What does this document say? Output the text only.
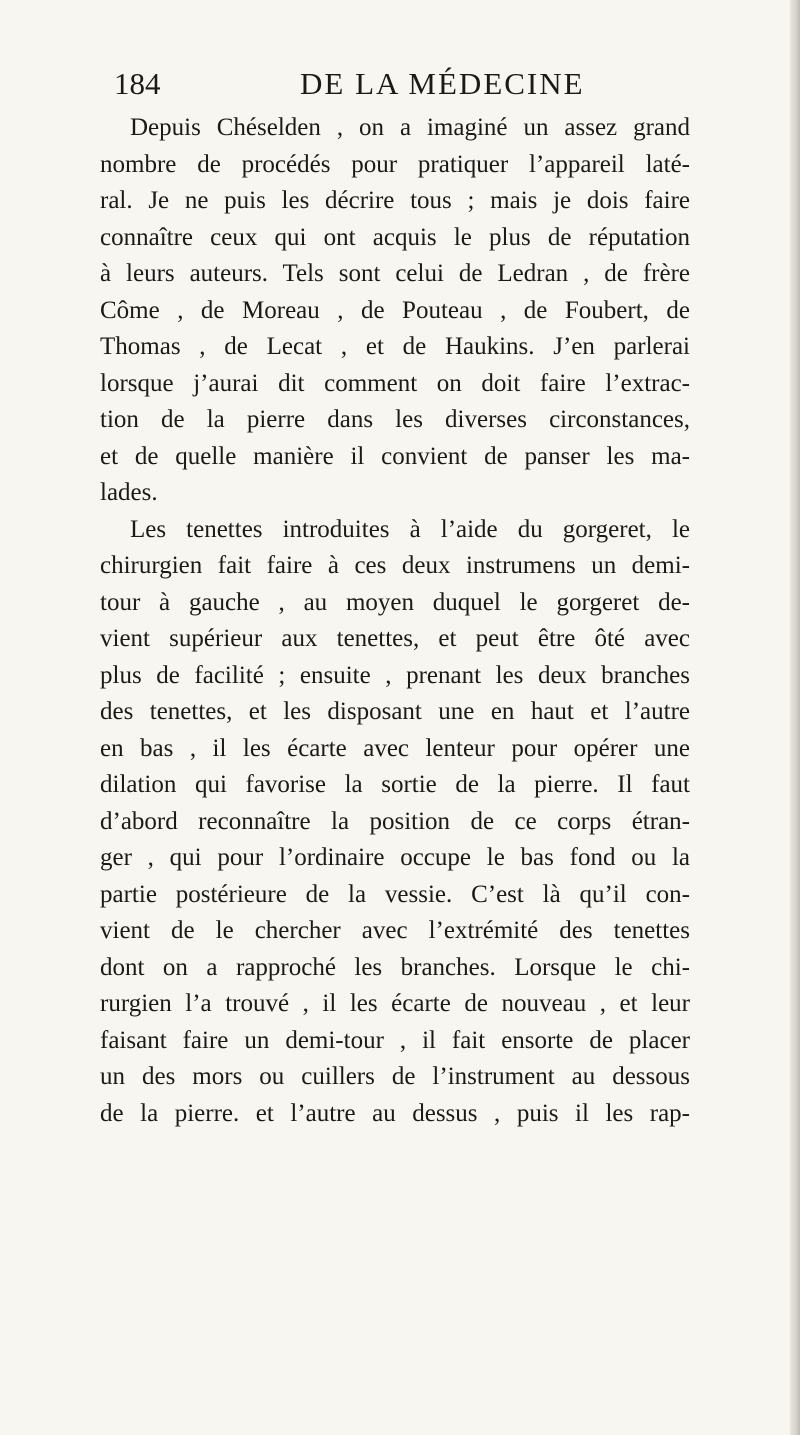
184	DE LA MÉDECINE
Depuis Chéselden , on a imaginé un assez grand
nombre de procédés pour pratiquer l’appareil laté-
ral. Je ne puis les décrire tous ; mais je dois faire
connaître ceux qui ont acquis le plus de réputation
à leurs auteurs. Tels sont celui de Ledran , de frère
Côme , de Moreau , de Pouteau , de Foubert, de
Thomas , de Lecat , et de Haukins. J’en parlerai
lorsque j’aurai dit comment on doit faire l’extrac-
tion de la pierre dans les diverses circonstances,
et de quelle manière il convient de panser les ma-
lades.
Les tenettes introduites à l’aide du gorgeret, le
chirurgien fait faire à ces deux instrumens un demi-
tour à gauche , au moyen duquel le gorgeret de-
vient supérieur aux tenettes, et peut être ôté avec
plus de facilité ; ensuite , prenant les deux branches
des tenettes, et les disposant une en haut et l’autre
en bas , il les écarte avec lenteur pour opérer une
dilation qui favorise la sortie de la pierre. Il faut
d’abord reconnaître la position de ce corps étran-
ger , qui pour l’ordinaire occupe le bas fond ou la
partie postérieure de la vessie. C’est là qu’il con-
vient de le chercher avec l’extrémité des tenettes
dont on a rapproché les branches. Lorsque le chi-
rurgien l’a trouvé , il les écarte de nouveau , et leur
faisant faire un demi-tour , il fait ensorte de placer
un des mors ou cuillers de l’instrument au dessous
de la pierre. et l’autre au dessus , puis il les rap-
